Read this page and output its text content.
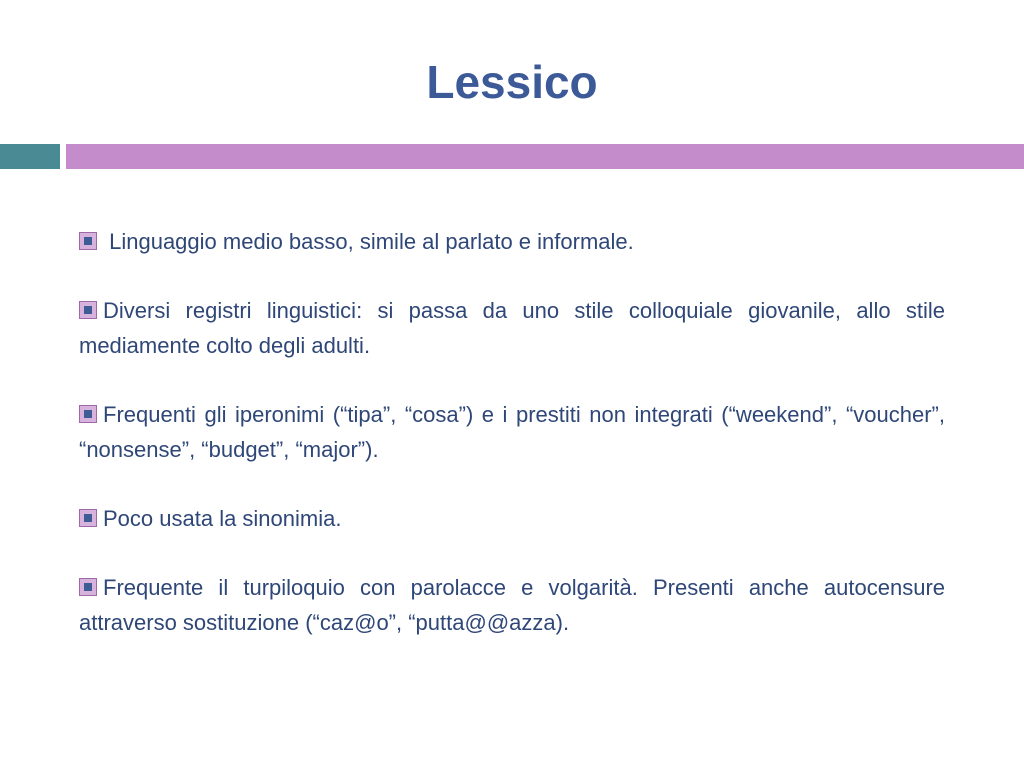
Lessico

Linguaggio medio basso, simile al parlato e informale.

Diversi registri linguistici: si passa da uno stile colloquiale giovanile, allo stile mediamente colto degli adulti.

Frequenti gli iperonimi (“tipa”, “cosa”) e i prestiti non integrati (“weekend”, “voucher”, “nonsense”, “budget”, “major”).

Poco usata la sinonimia.

Frequente il turpiloquio con parolacce e volgarità. Presenti anche autocensure attraverso sostituzione (“caz@o”, “putta@@azza).
